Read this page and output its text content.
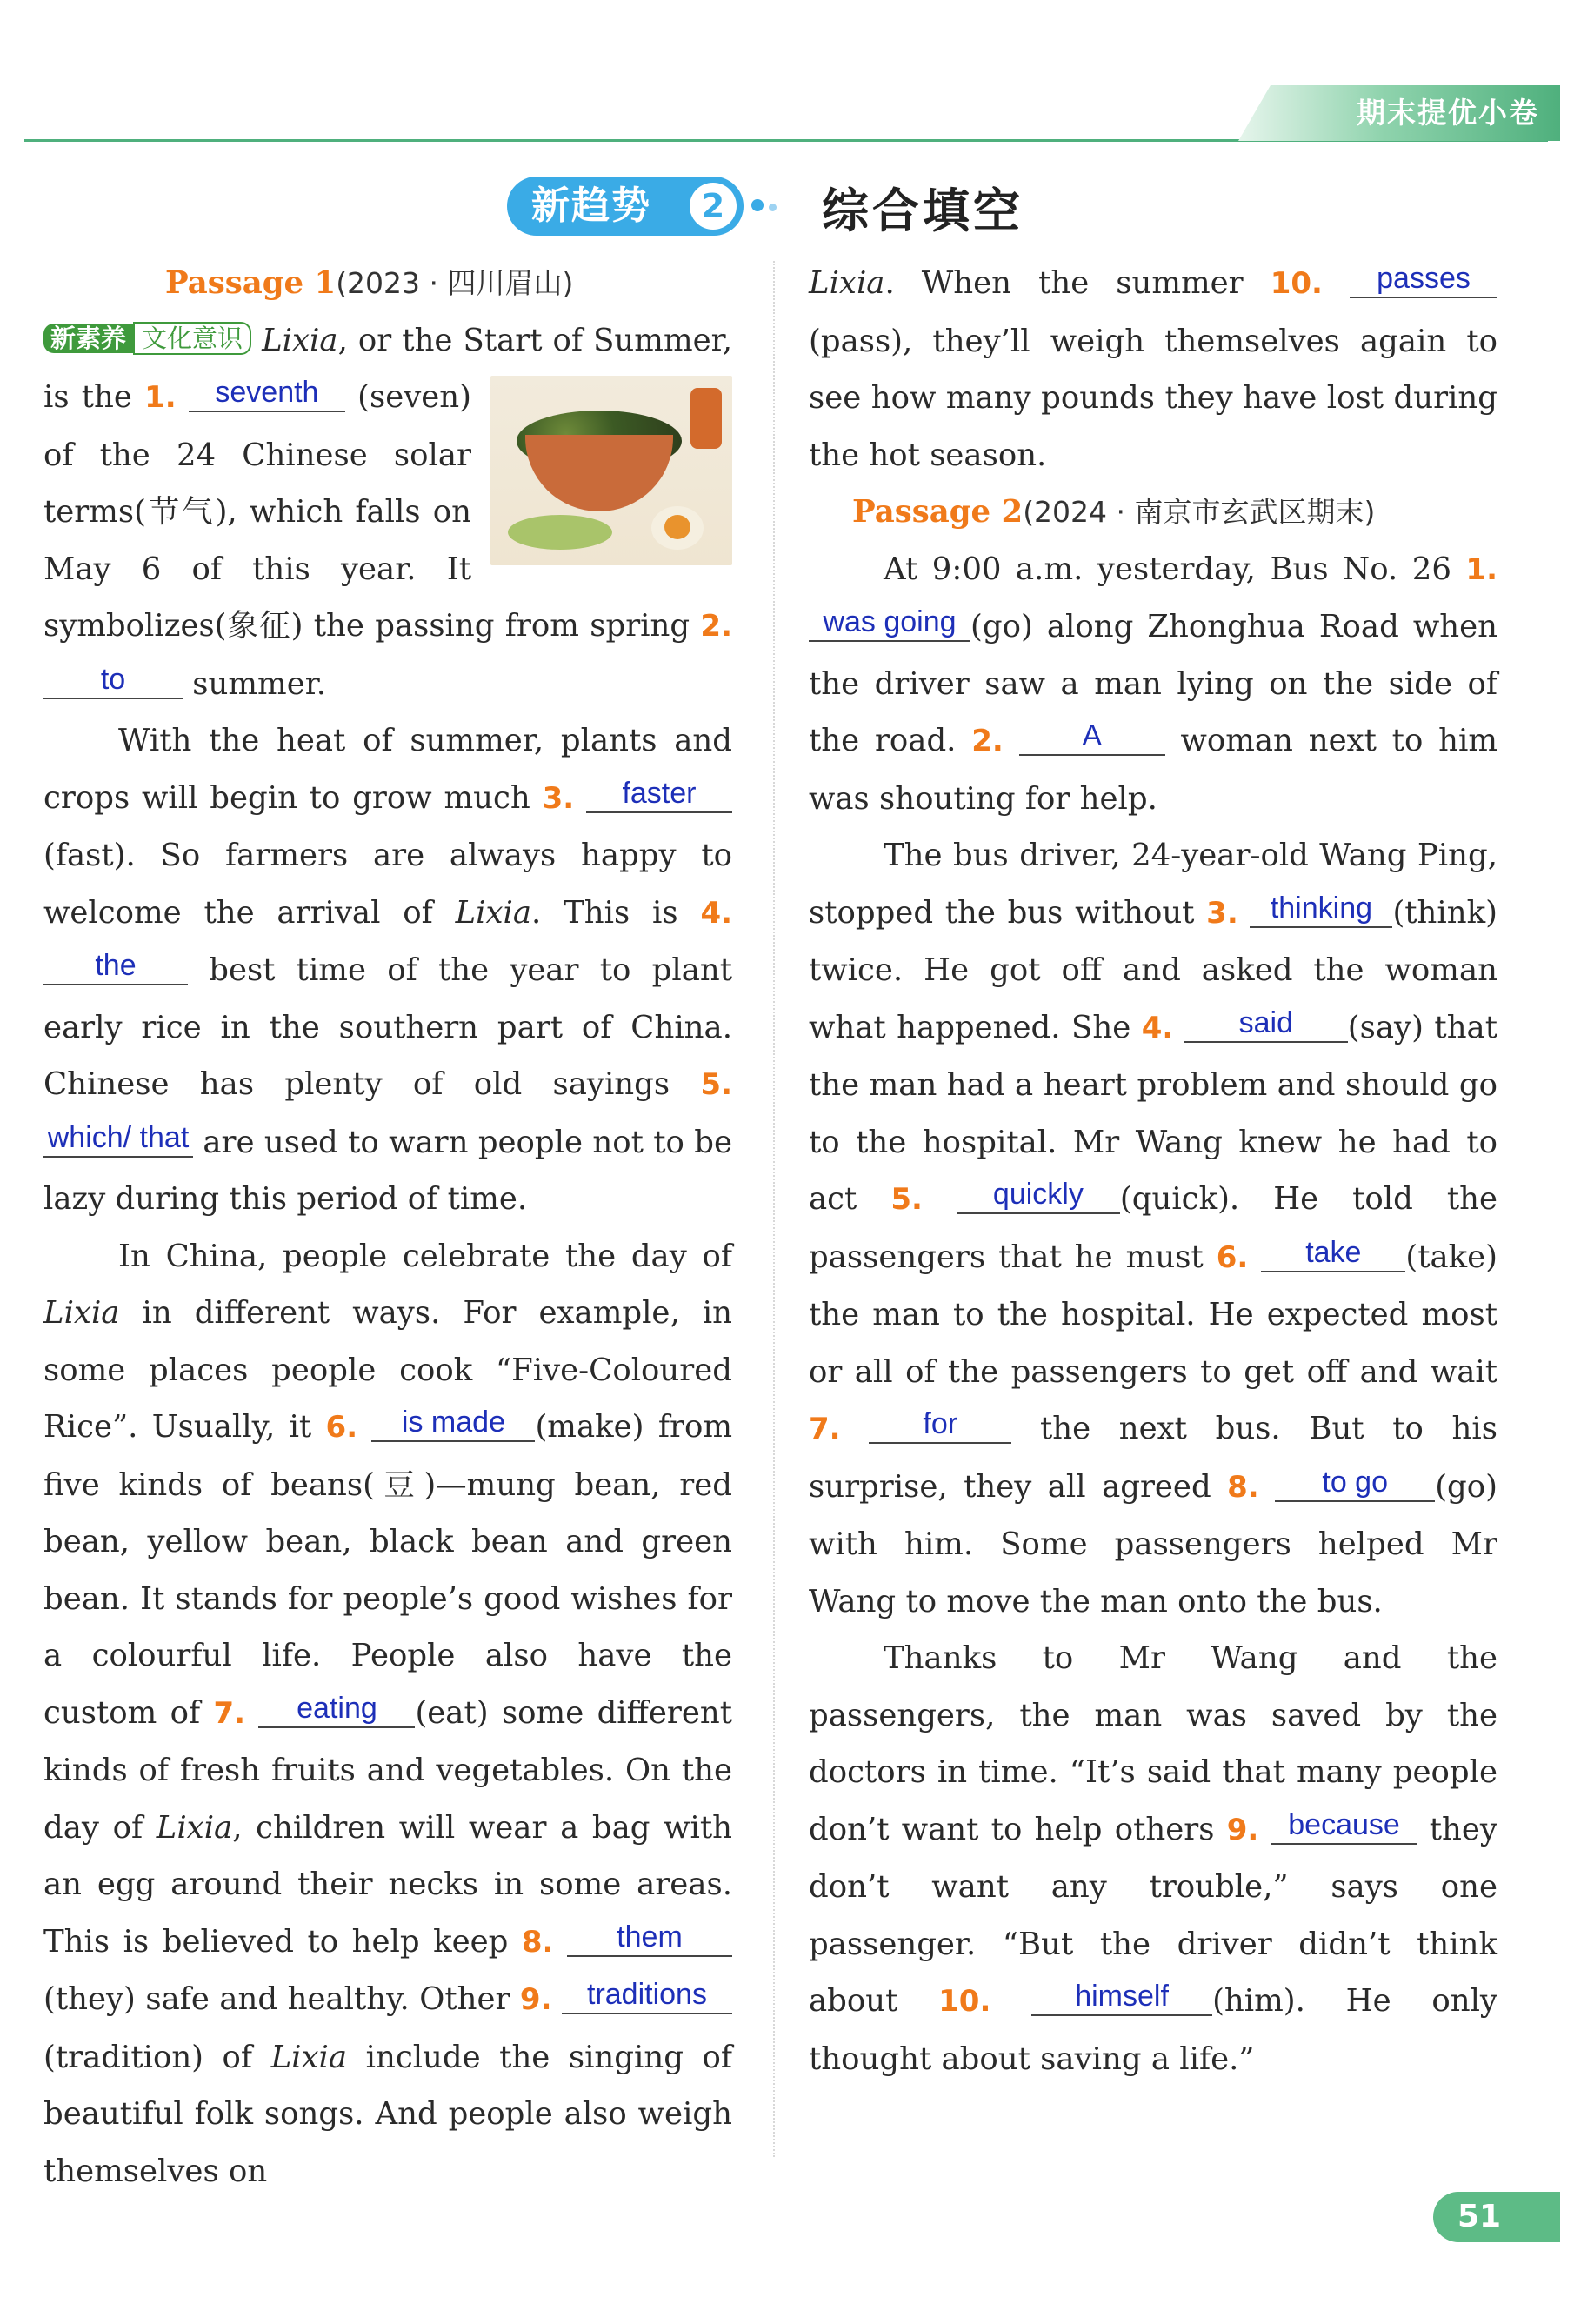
期末提优小卷
新趋势	2 综合填空

Passage 1(2023 · 四川眉山)

新素养 文化意识 Lixia, or the Start of Summer, is the
1. seventh (seven) of the 24 Chinese solar terms(节气), which falls on May 6 of this year. It symbolizes(象征) the passing from spring 2. to summer.

With the heat of summer, plants and crops will begin to grow much 3. faster (fast). So farmers are always happy to welcome the arrival of Lixia. This is 4. the best time of the year to plant early rice in the southern part of China. Chinese has plenty of old sayings 5. which/ that are used to warn people not to be lazy during this period of time.

In China, people celebrate the day of Lixia in different ways. For example, in some places people cook “Five-Coloured Rice”. Usually, it 6. is made (make) from five kinds of beans(豆)—mung bean, red bean, yellow bean, black bean and green bean. It stands for people’s good wishes for a colourful life. People also have the custom of 7. eating (eat) some different kinds of fresh fruits and vegetables. On the day of Lixia, children will wear a bag with an egg around their necks in some areas. This is believed to help keep 8. them(they) safe and healthy. Other 9. traditions(tradition) of Lixia include the singing of beautiful folk songs. And people also weigh themselves on

Lixia. When the summer 10. passes (pass), they’ll weigh themselves again to see how many pounds they have lost during the hot season.

Passage 2(2024 · 南京市玄武区期末)

At 9:00 a.m. yesterday, Bus No. 26 1. was going (go) along Zhonghua Road when the driver saw a man lying on the side of the road. 2.	A woman next to him was shouting for help.

The bus driver, 24-year-old Wang Ping, stopped the bus without 3. thinking (think) twice. He got off and asked the woman what happened. She 4. said (say) that the man had a heart problem and should go to the hospital. Mr Wang knew he had to act 5. quickly (quick). He told the passengers that he must 6. take (take) the man to the hospital. He expected most or all of the passengers to get off and wait 7.	for the next bus. But to his surprise, they all agreed 8. to go (go) with him. Some passengers helped Mr Wang to move the man onto the bus.

Thanks to Mr Wang and the passengers, the man was saved by the doctors in time. “It’s said that many people don’t want to help others 9. because they don’t want any trouble,” says one passenger. “But the driver didn’t think about 10.	himself (him). He only thought about saving a life.”

51
